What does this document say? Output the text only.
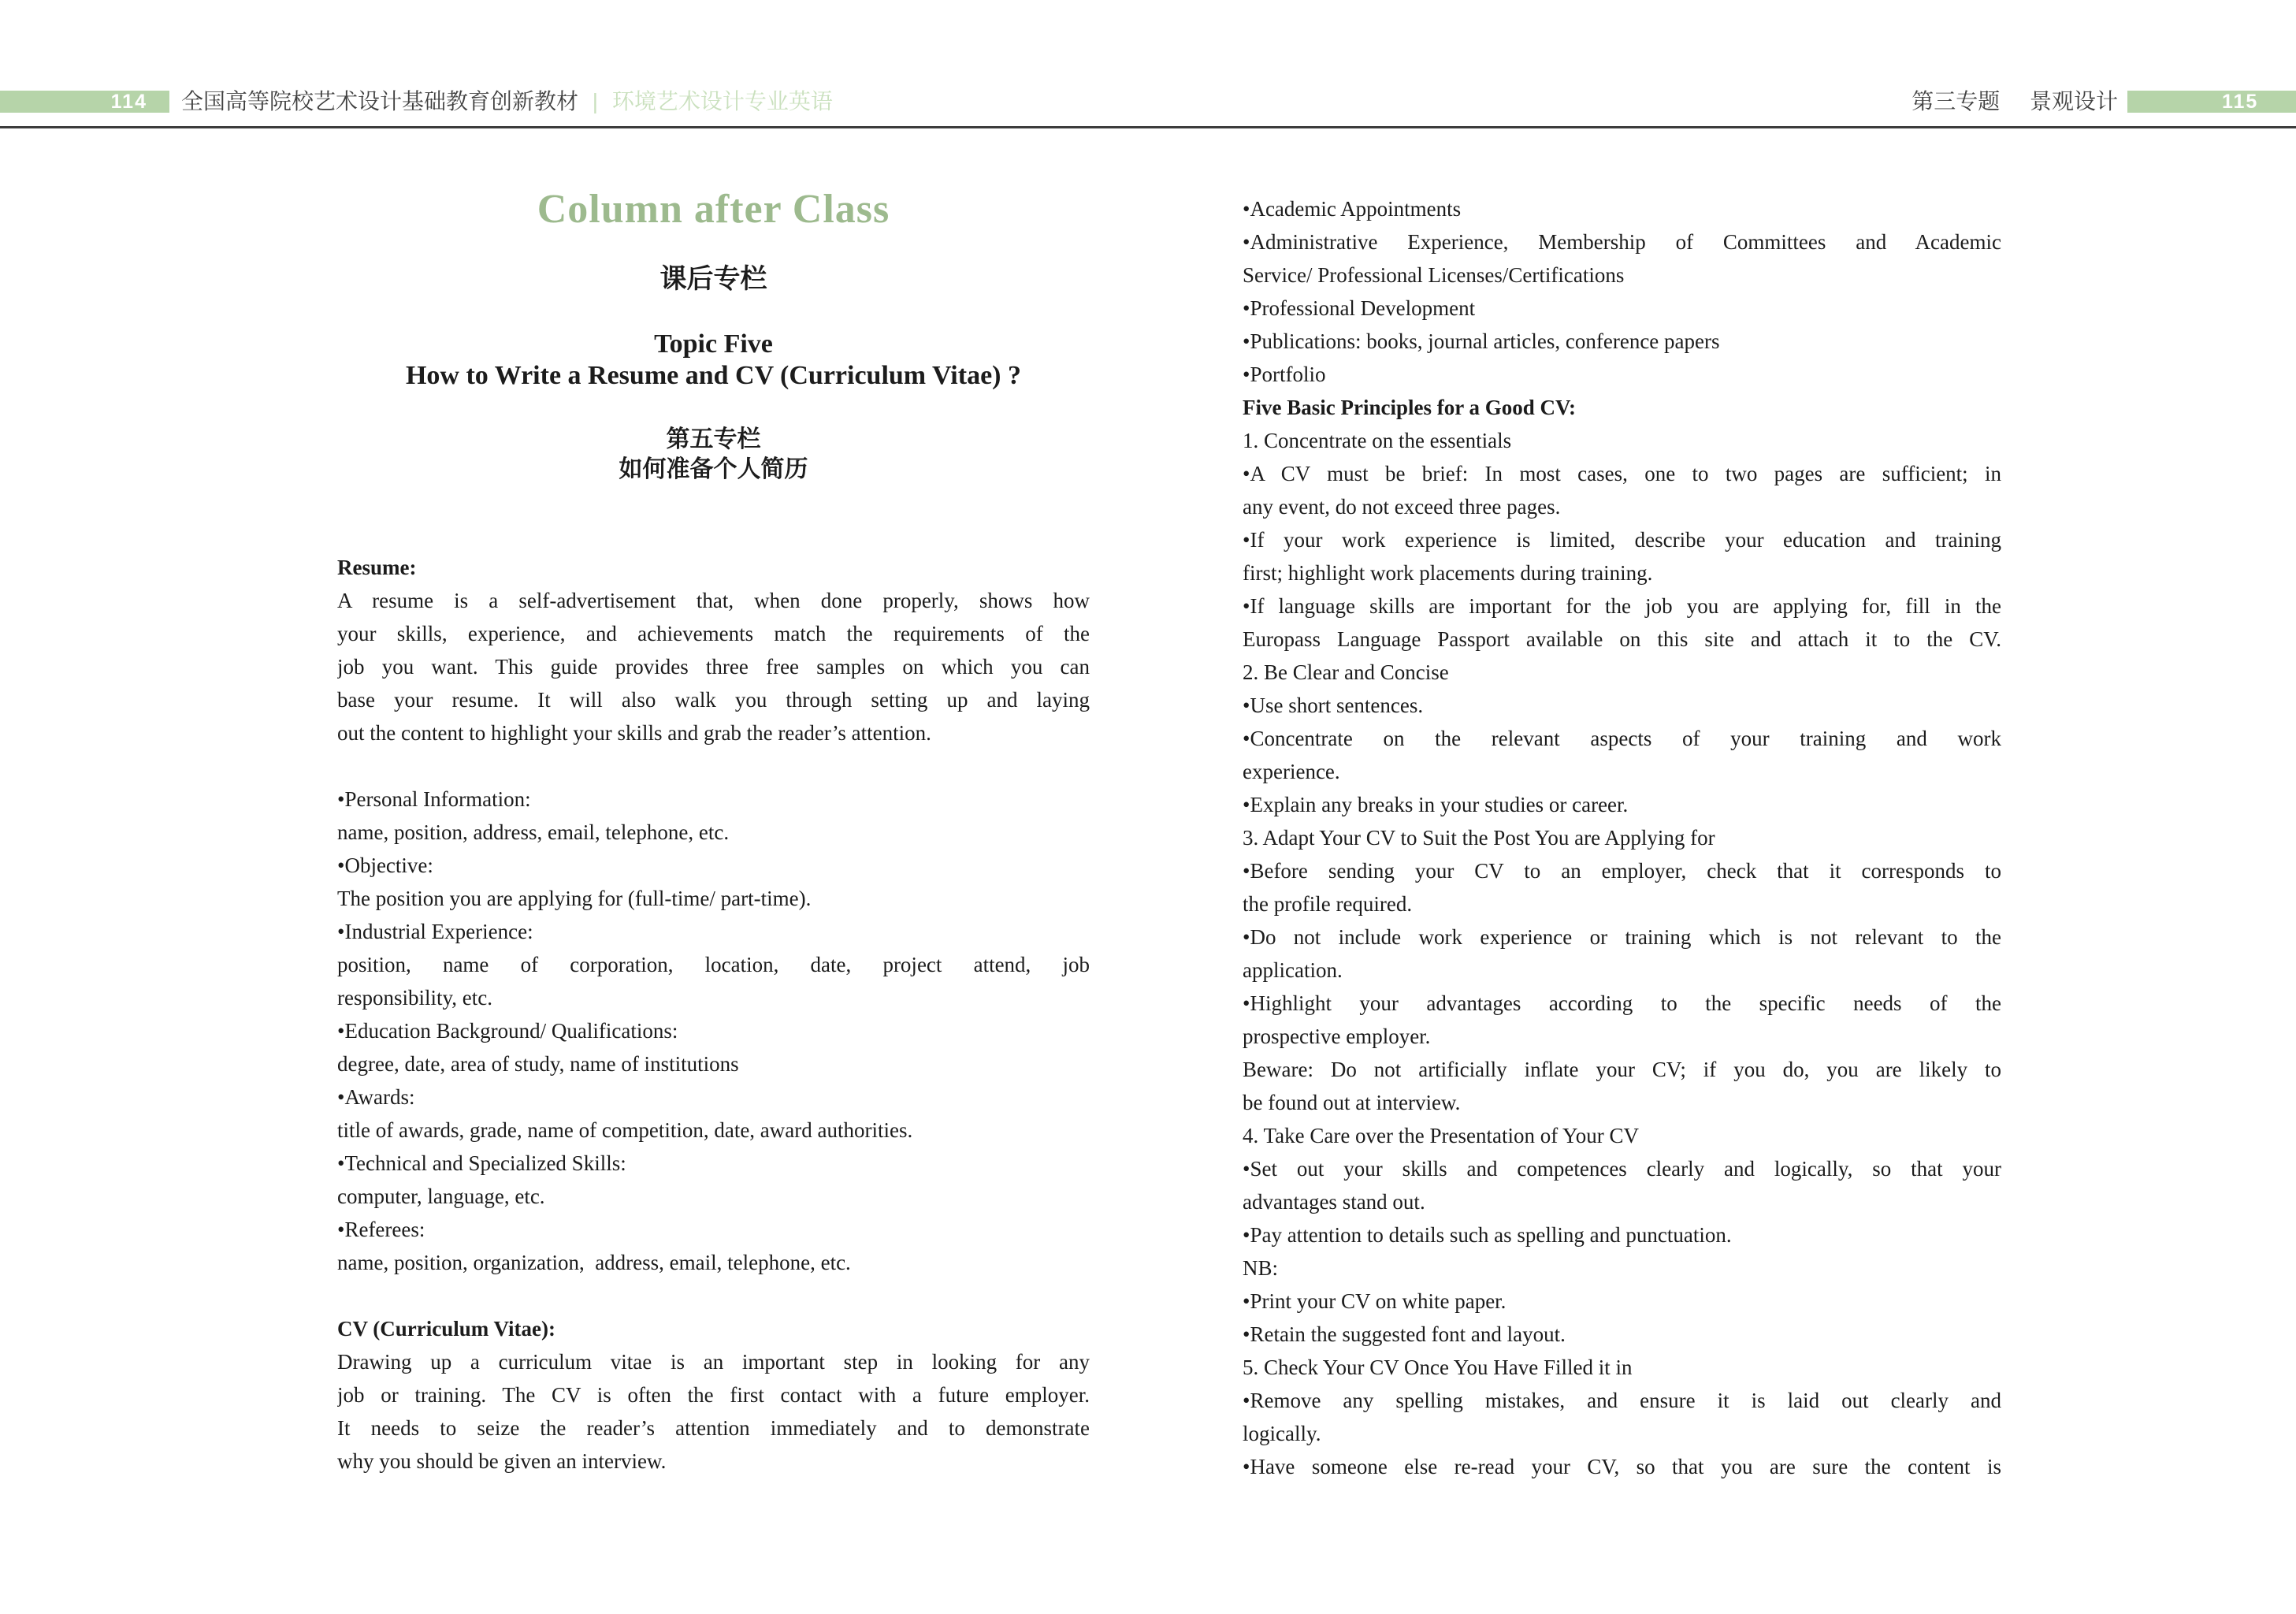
114	全国高等院校艺术设计基础教育创新教材 | 环境艺术设计专业英语	第三专题 景观设计	115
Column after Class
课后专栏
Topic Five
How to Write a Resume and CV (Curriculum Vitae) ?
第五专栏
如何准备个人简历
Resume:
A resume is a self-advertisement that, when done properly, shows how
your skills, experience, and achievements match the requirements of the
job you want. This guide provides three free samples on which you can
base your resume. It will also walk you through setting up and laying
out the content to highlight your skills and grab the reader’s attention.
•Personal Information:
name, position, address, email, telephone, etc.
•Objective:
The position you are applying for (full-time/ part-time).
•Industrial Experience:
position, name of corporation, location, date, project attend, job
responsibility, etc.
•Education Background/ Qualifications:
degree, date, area of study, name of institutions
•Awards:
title of awards, grade, name of competition, date, award authorities.
•Technical and Specialized Skills:
computer, language, etc.
•Referees:
name, position, organization,  address, email, telephone, etc.
CV (Curriculum Vitae):
Drawing up a curriculum vitae is an important step in looking for any
job or training. The CV is often the first contact with a future employer.
It needs to seize the reader’s attention immediately and to demonstrate
why you should be given an interview.
•Academic Appointments
•Administrative Experience, Membership of Committees and Academic
Service/ Professional Licenses/Certifications
•Professional Development
•Publications: books, journal articles, conference papers
•Portfolio
Five Basic Principles for a Good CV:
1. Concentrate on the essentials
•A CV must be brief: In most cases, one to two pages are sufficient; in
any event, do not exceed three pages.
•If your work experience is limited, describe your education and training
first; highlight work placements during training.
•If language skills are important for the job you are applying for, fill in the
Europass Language Passport available on this site and attach it to the CV.
2. Be Clear and Concise
•Use short sentences.
•Concentrate on the relevant aspects of your training and work
experience.
•Explain any breaks in your studies or career.
3. Adapt Your CV to Suit the Post You are Applying for
•Before sending your CV to an employer, check that it corresponds to
the profile required.
•Do not include work experience or training which is not relevant to the
application.
•Highlight your advantages according to the specific needs of the
prospective employer.
Beware: Do not artificially inflate your CV; if you do, you are likely to
be found out at interview.
4. Take Care over the Presentation of Your CV
•Set out your skills and competences clearly and logically, so that your
advantages stand out.
•Pay attention to details such as spelling and punctuation.
NB:
•Print your CV on white paper.
•Retain the suggested font and layout.
5. Check Your CV Once You Have Filled it in
•Remove any spelling mistakes, and ensure it is laid out clearly and
logically.
•Have someone else re-read your CV, so that you are sure the content is
